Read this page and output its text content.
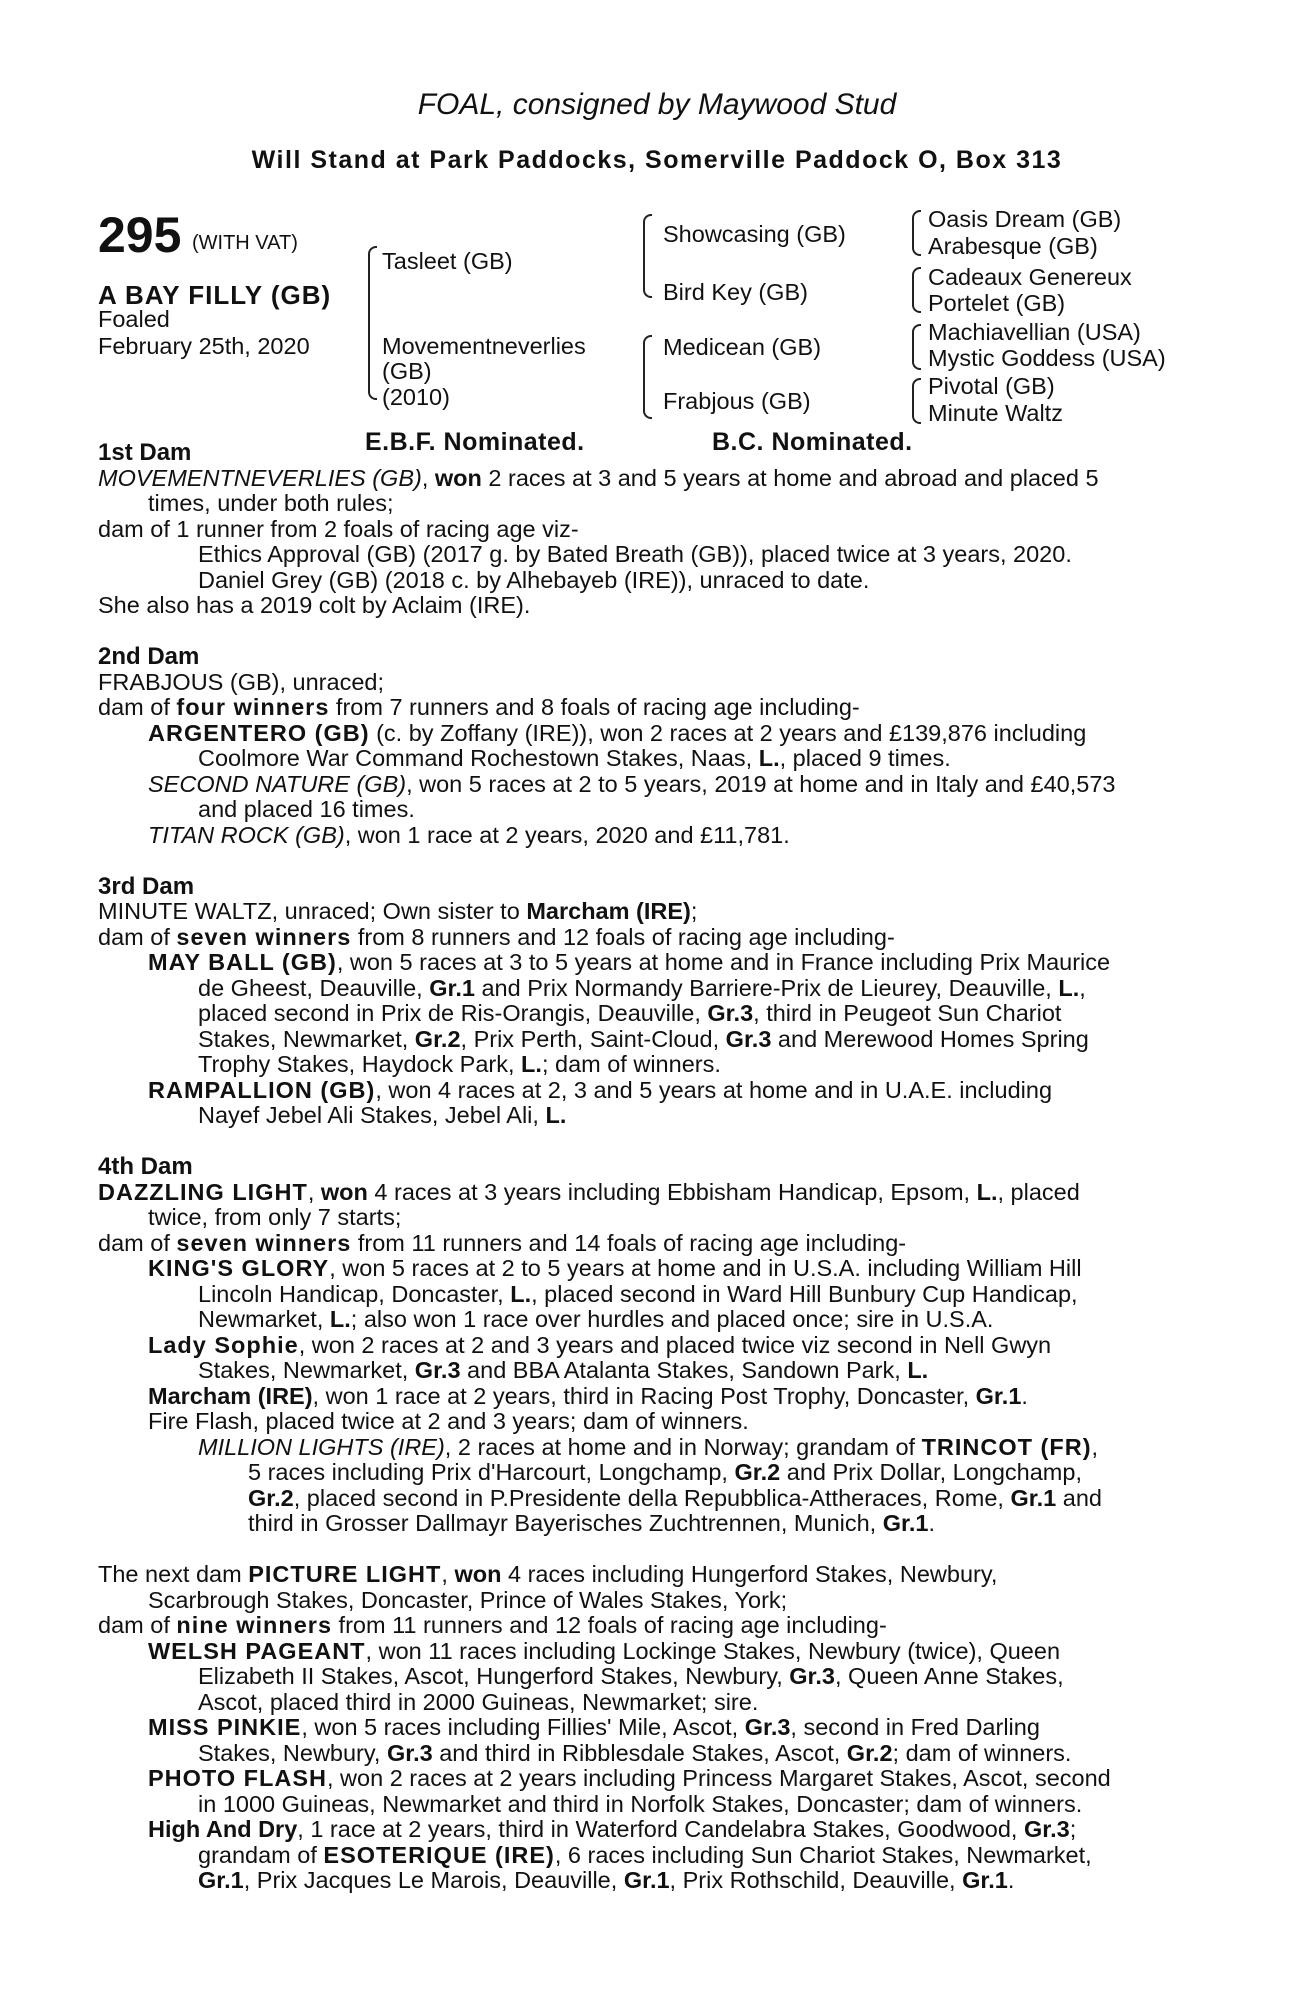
FOAL, consigned by Maywood Stud
Will Stand at Park Paddocks, Somerville Paddock O, Box 313
295 (WITH VAT)
A BAY FILLY (GB)
Foaled
February 25th, 2020
Tasleet (GB)
Movementneverlies
(GB)
(2010)
Showcasing (GB)
Bird Key (GB)
Medicean (GB)
Frabjous (GB)
Oasis Dream (GB)
Arabesque (GB)
Cadeaux Genereux
Portelet (GB)
Machiavellian (USA)
Mystic Goddess (USA)
Pivotal (GB)
Minute Waltz
E.B.F. Nominated.	B.C. Nominated.
1st Dam
MOVEMENTNEVERLIES (GB), won 2 races at 3 and 5 years at home and abroad and placed 5
times, under both rules;
dam of 1 runner from 2 foals of racing age viz-
Ethics Approval (GB) (2017 g. by Bated Breath (GB)), placed twice at 3 years, 2020.
Daniel Grey (GB) (2018 c. by Alhebayeb (IRE)), unraced to date.
She also has a 2019 colt by Aclaim (IRE).
2nd Dam
FRABJOUS (GB), unraced;
dam of four winners from 7 runners and 8 foals of racing age including-
ARGENTERO (GB) (c. by Zoffany (IRE)), won 2 races at 2 years and £139,876 including
Coolmore War Command Rochestown Stakes, Naas, L., placed 9 times.
SECOND NATURE (GB), won 5 races at 2 to 5 years, 2019 at home and in Italy and £40,573
and placed 16 times.
TITAN ROCK (GB), won 1 race at 2 years, 2020 and £11,781.
3rd Dam
MINUTE WALTZ, unraced; Own sister to Marcham (IRE);
dam of seven winners from 8 runners and 12 foals of racing age including-
MAY BALL (GB), won 5 races at 3 to 5 years at home and in France including Prix Maurice
de Gheest, Deauville, Gr.1 and Prix Normandy Barriere-Prix de Lieurey, Deauville, L.,
placed second in Prix de Ris-Orangis, Deauville, Gr.3, third in Peugeot Sun Chariot
Stakes, Newmarket, Gr.2, Prix Perth, Saint-Cloud, Gr.3 and Merewood Homes Spring
Trophy Stakes, Haydock Park, L.; dam of winners.
RAMPALLION (GB), won 4 races at 2, 3 and 5 years at home and in U.A.E. including
Nayef Jebel Ali Stakes, Jebel Ali, L.
4th Dam
DAZZLING LIGHT, won 4 races at 3 years including Ebbisham Handicap, Epsom, L., placed
twice, from only 7 starts;
dam of seven winners from 11 runners and 14 foals of racing age including-
KING'S GLORY, won 5 races at 2 to 5 years at home and in U.S.A. including William Hill
Lincoln Handicap, Doncaster, L., placed second in Ward Hill Bunbury Cup Handicap,
Newmarket, L.; also won 1 race over hurdles and placed once; sire in U.S.A.
Lady Sophie, won 2 races at 2 and 3 years and placed twice viz second in Nell Gwyn
Stakes, Newmarket, Gr.3 and BBA Atalanta Stakes, Sandown Park, L.
Marcham (IRE), won 1 race at 2 years, third in Racing Post Trophy, Doncaster, Gr.1.
Fire Flash, placed twice at 2 and 3 years; dam of winners.
MILLION LIGHTS (IRE), 2 races at home and in Norway; grandam of TRINCOT (FR),
5 races including Prix d'Harcourt, Longchamp, Gr.2 and Prix Dollar, Longchamp,
Gr.2, placed second in P.Presidente della Repubblica-Attheraces, Rome, Gr.1 and
third in Grosser Dallmayr Bayerisches Zuchtrennen, Munich, Gr.1.
The next dam PICTURE LIGHT, won 4 races including Hungerford Stakes, Newbury,
Scarbrough Stakes, Doncaster, Prince of Wales Stakes, York;
dam of nine winners from 11 runners and 12 foals of racing age including-
WELSH PAGEANT, won 11 races including Lockinge Stakes, Newbury (twice), Queen
Elizabeth II Stakes, Ascot, Hungerford Stakes, Newbury, Gr.3, Queen Anne Stakes,
Ascot, placed third in 2000 Guineas, Newmarket; sire.
MISS PINKIE, won 5 races including Fillies' Mile, Ascot, Gr.3, second in Fred Darling
Stakes, Newbury, Gr.3 and third in Ribblesdale Stakes, Ascot, Gr.2; dam of winners.
PHOTO FLASH, won 2 races at 2 years including Princess Margaret Stakes, Ascot, second
in 1000 Guineas, Newmarket and third in Norfolk Stakes, Doncaster; dam of winners.
High And Dry, 1 race at 2 years, third in Waterford Candelabra Stakes, Goodwood, Gr.3;
grandam of ESOTERIQUE (IRE), 6 races including Sun Chariot Stakes, Newmarket,
Gr.1, Prix Jacques Le Marois, Deauville, Gr.1, Prix Rothschild, Deauville, Gr.1.
